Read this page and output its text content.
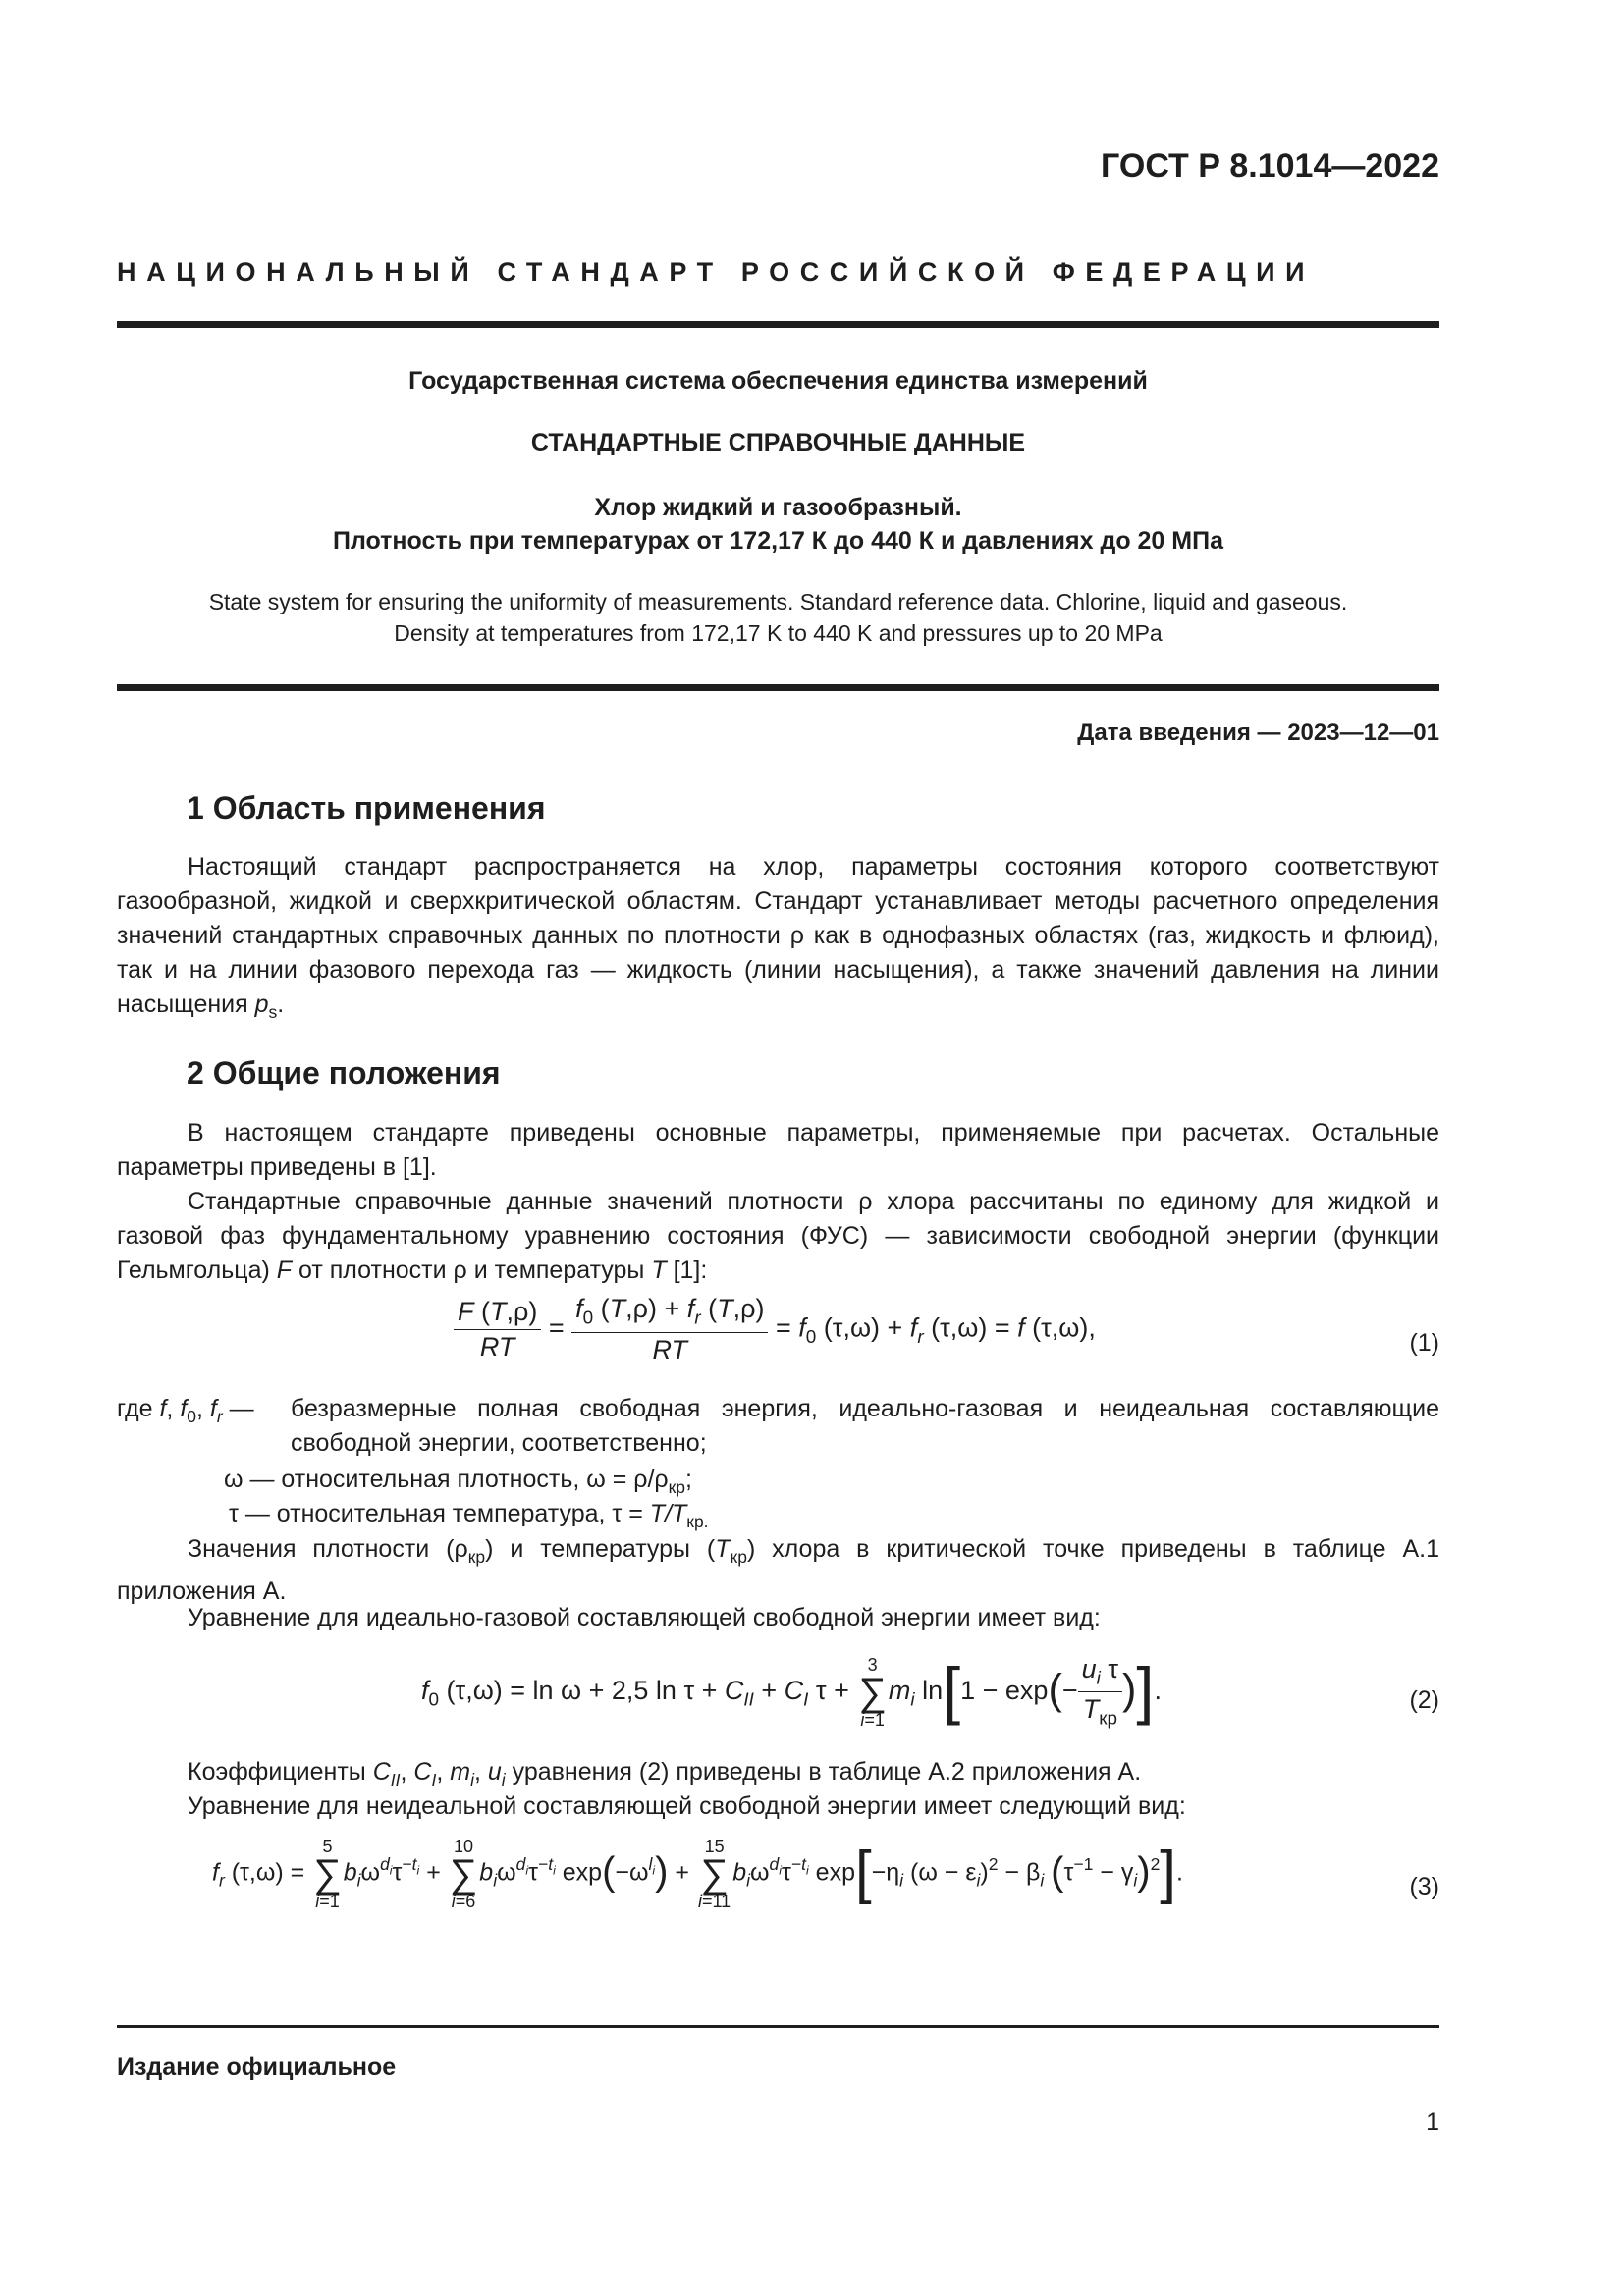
ГОСТ Р 8.1014—2022
НАЦИОНАЛЬНЫЙ СТАНДАРТ РОССИЙСКОЙ ФЕДЕРАЦИИ
Государственная система обеспечения единства измерений
СТАНДАРТНЫЕ СПРАВОЧНЫЕ ДАННЫЕ
Хлор жидкий и газообразный.
Плотность при температурах от 172,17 К до 440 К и давлениях до 20 МПа
State system for ensuring the uniformity of measurements. Standard reference data. Chlorine, liquid and gaseous.
Density at temperatures from 172,17 K to 440 K and pressures up to 20 MPa
Дата введения — 2023—12—01
1 Область применения
Настоящий стандарт распространяется на хлор, параметры состояния которого соответствуют газообразной, жидкой и сверхкритической областям. Стандарт устанавливает методы расчетного определения значений стандартных справочных данных по плотности ρ как в однофазных областях (газ, жидкость и флюид), так и на линии фазового перехода газ — жидкость (линии насыщения), а также значений давления на линии насыщения $p_s$.
2 Общие положения
В настоящем стандарте приведены основные параметры, применяемые при расчетах. Остальные параметры приведены в [1].
Стандартные справочные данные значений плотности ρ хлора рассчитаны по единому для жидкой и газовой фаз фундаментальному уравнению состояния (ФУС) — зависимости свободной энергии (функции Гельмгольца) F от плотности ρ и температуры T [1]:
$\frac{F (T,\rho)}{RT} = \frac{f_0 (T,\rho) + f_r (T,\rho)}{RT} = f_0$ $(\tau,\omega) + f_r$ (τ,ω) = f (τ,ω),
(1)
где f, $f_0$, $f_r$ — безразмерные полная свободная энергия, идеально-газовая и неидеальная составляющие свободной энергии, соответственно;
ω — относительная плотность, $\omega = \rho/\rho_{кр}$;
τ — относительная температура, $\tau = T/T_{кр.}$
Значения плотности $(\rho_{кр})$ и температуры $(T_{кр})$ хлора в критической точке приведены в таблице А.1 приложения А.
Уравнение для идеально-газовой составляющей свободной энергии имеет вид:
$f_0$ (τ,ω) = ln ω + 2,5 $\ln \tau + C_{II} + C_I$ τ +
3
∑
i=1
$m_i$ $\ln[1 - \exp(- \frac{u_i \tau}{T_{кр}}$ )].	(2)
Коэффициенты $C_{II}$, $C_I$, $m_i$, $u_i$ уравнения (2) приведены в таблице А.2 приложения А.
Уравнение для неидеальной составляющей свободной энергии имеет следующий вид:
$f_r$ (τ,ω) =
5
∑
i=1
$b_i\omega^{d_i}\tau^{-t_i}$ +
10
∑
i=6
$b_i\omega^{d_i}\tau^{-t_i}$ $\exp(-\omega^{l_i})$ +
15
∑
i=11
$b_i\omega^{d_i}\tau^{-t_i}$ $\exp[-\eta_i$ $(\omega - \varepsilon_i)^2 - \beta_i$ $(\tau^{-1} - \gamma_i)^2$].
(3)
Издание официальное
1
